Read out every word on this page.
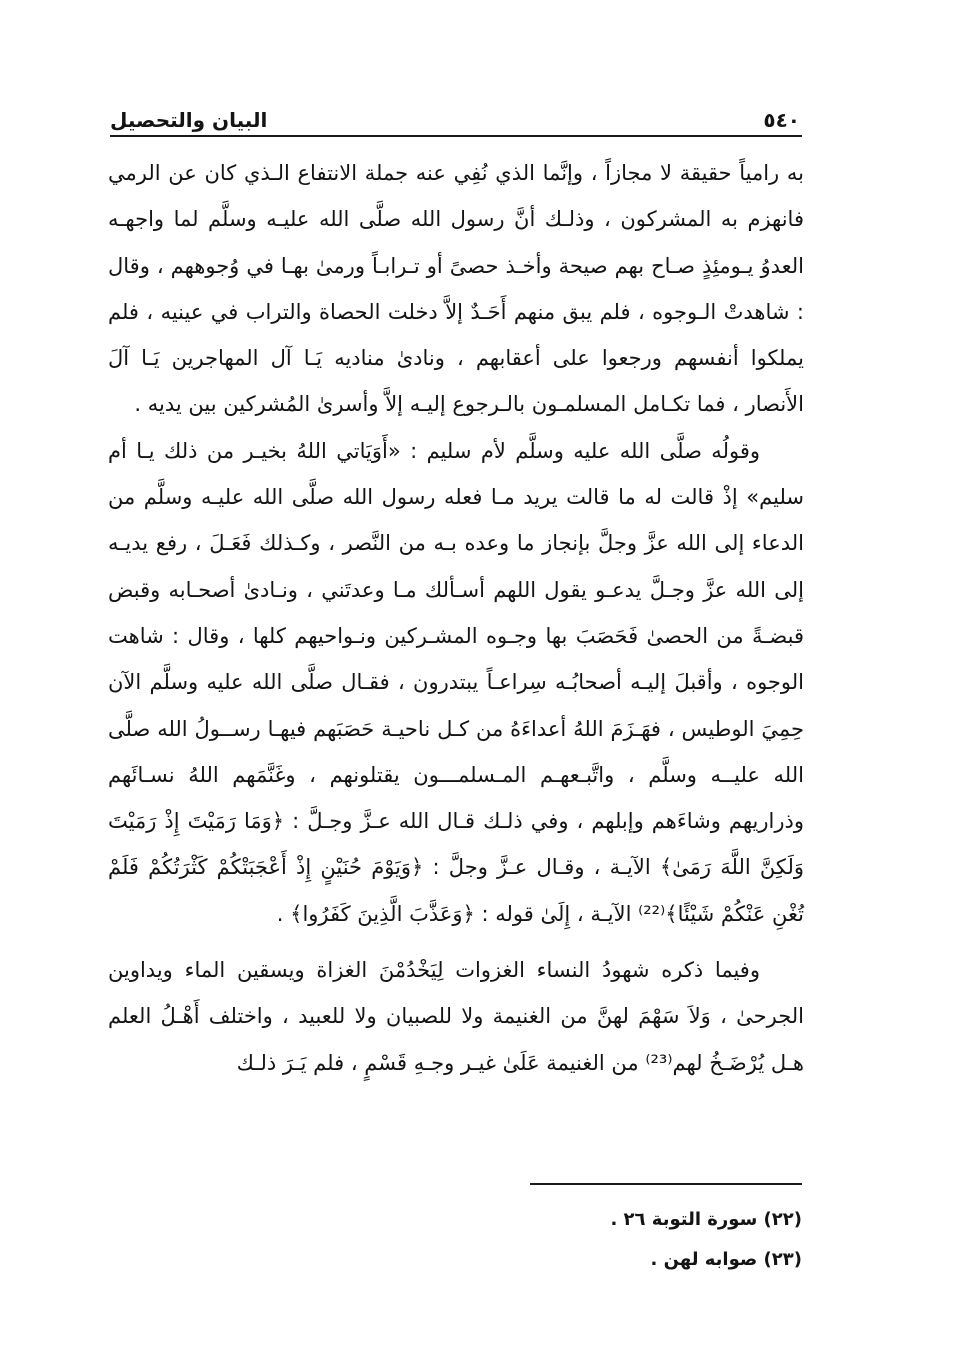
٥٤٠
البيان والتحصيل

به رامياً حقيقة لا مجازاً ، وإنَّما الذي نُفِي عنه جملة الانتفاع الـذي كان عن الرمي فانهزم به المشركون ، وذلـك أنَّ رسول الله صلَّى الله عليـه وسلَّم لما واجهـه العدوُ يـومئِذٍ صـاح بهم صيحة وأخـذ حصىً أو تـرابـاً ورمىٰ بهـا في وُجوههم ، وقال : شاهدتْ الـوجوه ، فلم يبق منهم أَحَـدٌ إلاَّ دخلت الحصاة والتراب في عينيه ، فلم يملكوا أنفسهم ورجعوا على أعقابهم ، ونادىٰ مناديه يَـا آل المهاجرين يَـا آلَ الأَنصار ، فما تكـامل المسلمـون بالـرجوع إليـه إلاَّ وأسرىٰ المُشركين بين يديه .

وقولُه صلَّى الله عليه وسلَّم لأم سليم : «أَوَيَاتي اللهُ بخيـر من ذلك يـا أم سليم» إذْ قالت له ما قالت يريد مـا فعله رسول الله صلَّى الله عليـه وسلَّم من الدعاء إلى الله عزَّ وجلَّ بإنجاز ما وعده بـه من النَّصر ، وكـذلك فَعَـلَ ، رفع يديـه إلى الله عزَّ وجـلَّ يدعـو يقول اللهم أسـألك مـا وعدتَني ، ونـادىٰ أصحـابه وقبض قبضـةً من الحصىٰ فَحَصَبَ بها وجـوه المشـركين ونـواحيهم كلها ، وقال : شاهت الوجوه ، وأقبلَ إليـه أصحابُـه سِراعـاً يبتدرون ، فقـال صلَّى الله عليه وسلَّم الآن حِمِيَ الوطيس ، فهَـزَمَ اللهُ أعداءَهُ من كـل ناحيـة حَصَبَهم فيهـا رســولُ الله صلَّى الله عليــه وسلَّم ، واتَّبـعهـم المـسلمـــون يقتلونهم ، وغَنَّمَهم اللهُ نسـائَهم وذراريهم وشاءَهم وإبلهم ، وفي ذلـك قـال الله عـزَّ وجـلَّ : ﴿وَمَا رَمَيْتَ إِذْ رَمَيْتَ وَلَكِنَّ اللَّهَ رَمَىٰ﴾ الآيـة ، وقـال عـزَّ وجلَّ : ﴿وَيَوْمَ حُنَيْنٍ إِذْ أَعْجَبَتْكُمْ كَثْرَتُكُمْ فَلَمْ تُغْنِ عَنْكُمْ شَيْئًا﴾⁽²²⁾ الآيـة ، إِلَىٰ قوله : ﴿وَعَذَّبَ الَّذِينَ كَفَرُوا﴾ .

وفيما ذكره شهودُ النساء الغزوات لِيَخْدُمْنَ الغزاة ويسقين الماء ويداوين الجرحىٰ ، وَلاَ سَهْمَ لهنَّ من الغنيمة ولا للصبيان ولا للعبيد ، واختلف أَهْـلُ العلم هـل يُرْضَـخُ لهم⁽²³⁾ من الغنيمة عَلَىٰ غيـر وجـهِ قَسْمٍ ، فلم يَـرَ ذلـك

(٢٢) سورة التوبة ٢٦ .
(٢٣) صوابه لهن .
